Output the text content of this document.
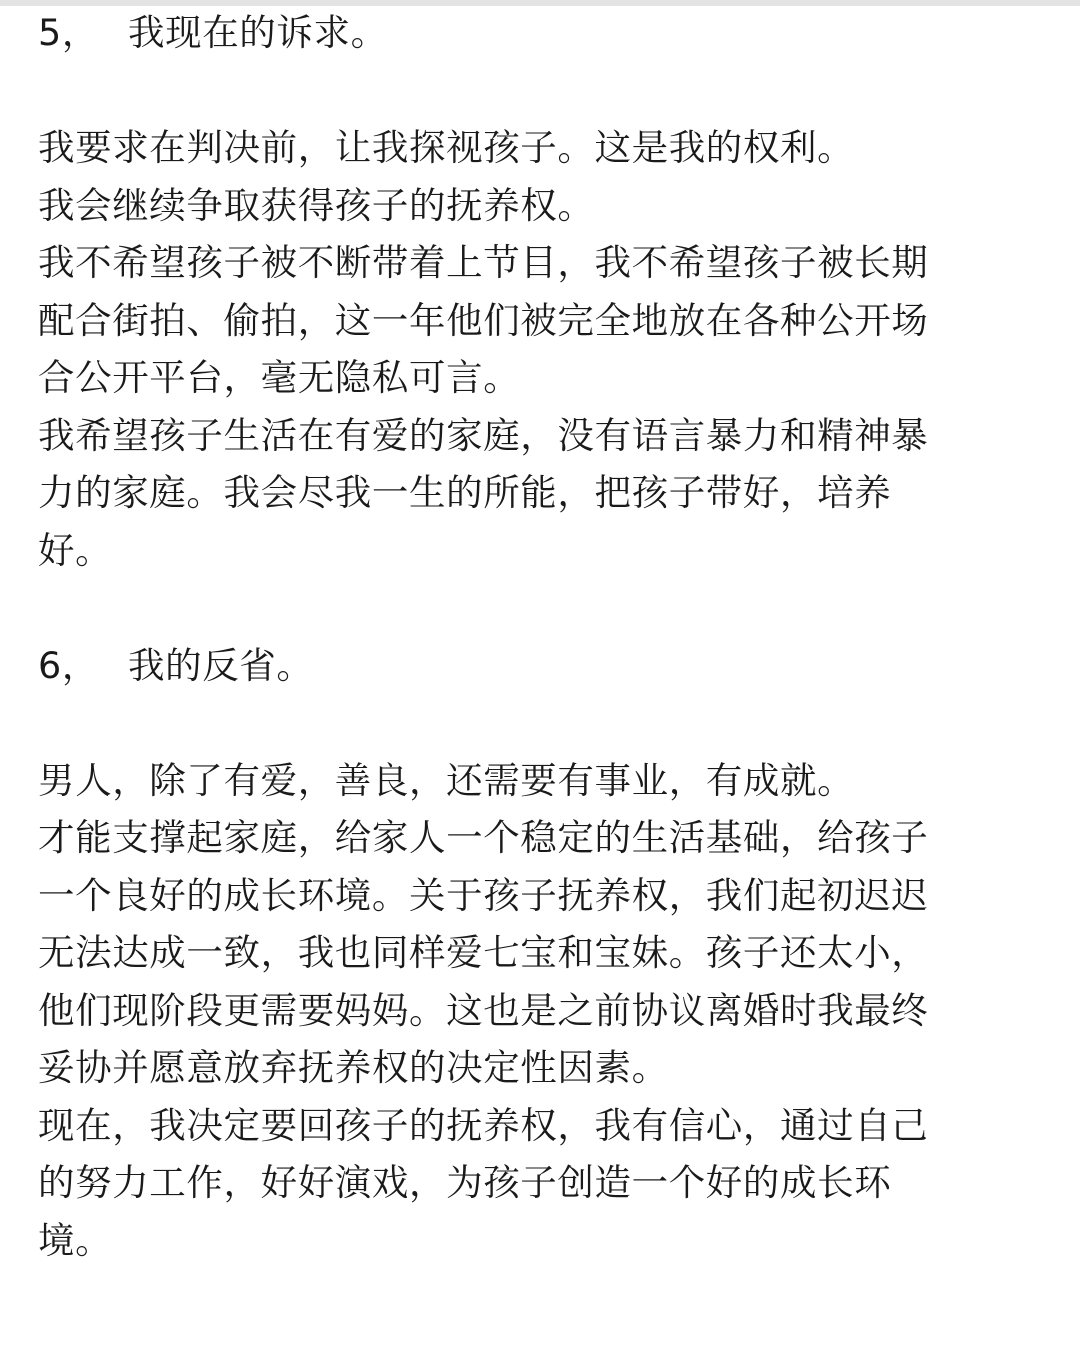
5， 我现在的诉求。
我要求在判决前，让我探视孩子。这是我的权利。
我会继续争取获得孩子的抚养权。
我不希望孩子被不断带着上节目，我不希望孩子被长期
配合街拍、偷拍，这一年他们被完全地放在各种公开场
合公开平台，毫无隐私可言。
我希望孩子生活在有爱的家庭，没有语言暴力和精神暴
力的家庭。我会尽我一生的所能，把孩子带好，培养
好。
6， 我的反省。
男人，除了有爱，善良，还需要有事业，有成就。
才能支撑起家庭，给家人一个稳定的生活基础，给孩子
一个良好的成长环境。关于孩子抚养权，我们起初迟迟
无法达成一致，我也同样爱七宝和宝妹。孩子还太小，
他们现阶段更需要妈妈。这也是之前协议离婚时我最终
妥协并愿意放弃抚养权的决定性因素。
现在，我决定要回孩子的抚养权，我有信心，通过自己
的努力工作，好好演戏，为孩子创造一个好的成长环
境。
